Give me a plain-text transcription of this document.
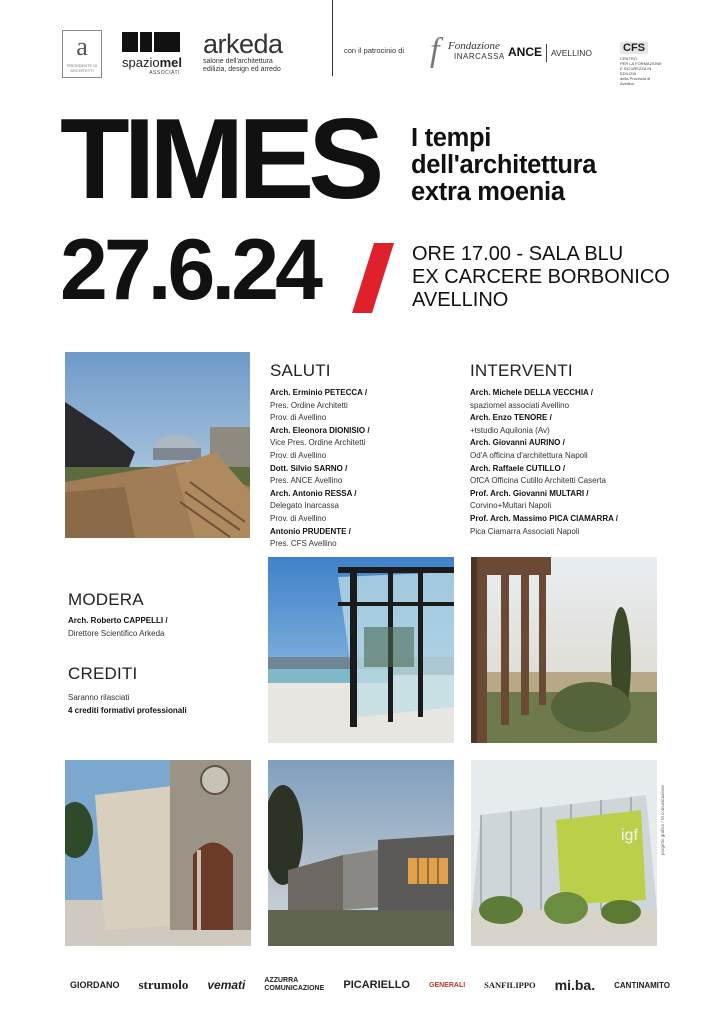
a
PRESIDENTE DI ARCHITETTI
spaziomel
ASSOCIATI
arkeda
salone dell'architettura
edilizia, design ed arredo
con il patrocinio di f Fondazione
INARCASSA ANCE AVELLINO	CFS
CENTRO
PER LA FORMAZIONE
E SICUREZZA IN EDILIZIA
della Provincia di Avellino
TIMES I tempi
dell'architettura
extra moenia
27.6.24	ORE 17.00 - SALA BLU
EX CARCERE BORBONICO
AVELLINO
SALUTI
Arch. Erminio PETECCA /
Pres. Ordine Architetti
Prov. di Avellino
Arch. Eleonora DIONISIO /
Vice Pres. Ordine Architetti
Prov. di Avellino
Dott. Silvio SARNO /
Pres. ANCE Avellino
Arch. Antonio RESSA /
Delegato Inarcassa
Prov. di Avellino
Antonio PRUDENTE /
Pres. CFS Avellino
INTERVENTI
Arch. Michele DELLA VECCHIA /
spaziomel associati Avellino
Arch. Enzo TENORE /
+tstudio Aquilonia (Av)
Arch. Giovanni AURINO /
Od'A officina d'architettura Napoli
Arch. Raffaele CUTILLO /
OfCA Officina Cutillo Architetti Caserta
Prof. Arch. Giovanni MULTARI /
Corvino+Multari Napoli
Prof. Arch. Massimo PICA CIAMARRA /
Pica Ciamarra Associati Napoli
MODERA
Arch. Roberto CAPPELLI /
Direttore Scientifico Arkeda
CREDITI
Saranno rilasciati
4 crediti formativi professionali
igf	progetto grafico / M comunicazione
GIORDANO strumolo vemati	AZZURRA COMUNICAZIONE PICARIELLO	GENERALI SANFILIPPO mi.ba. CANTINAMITO
